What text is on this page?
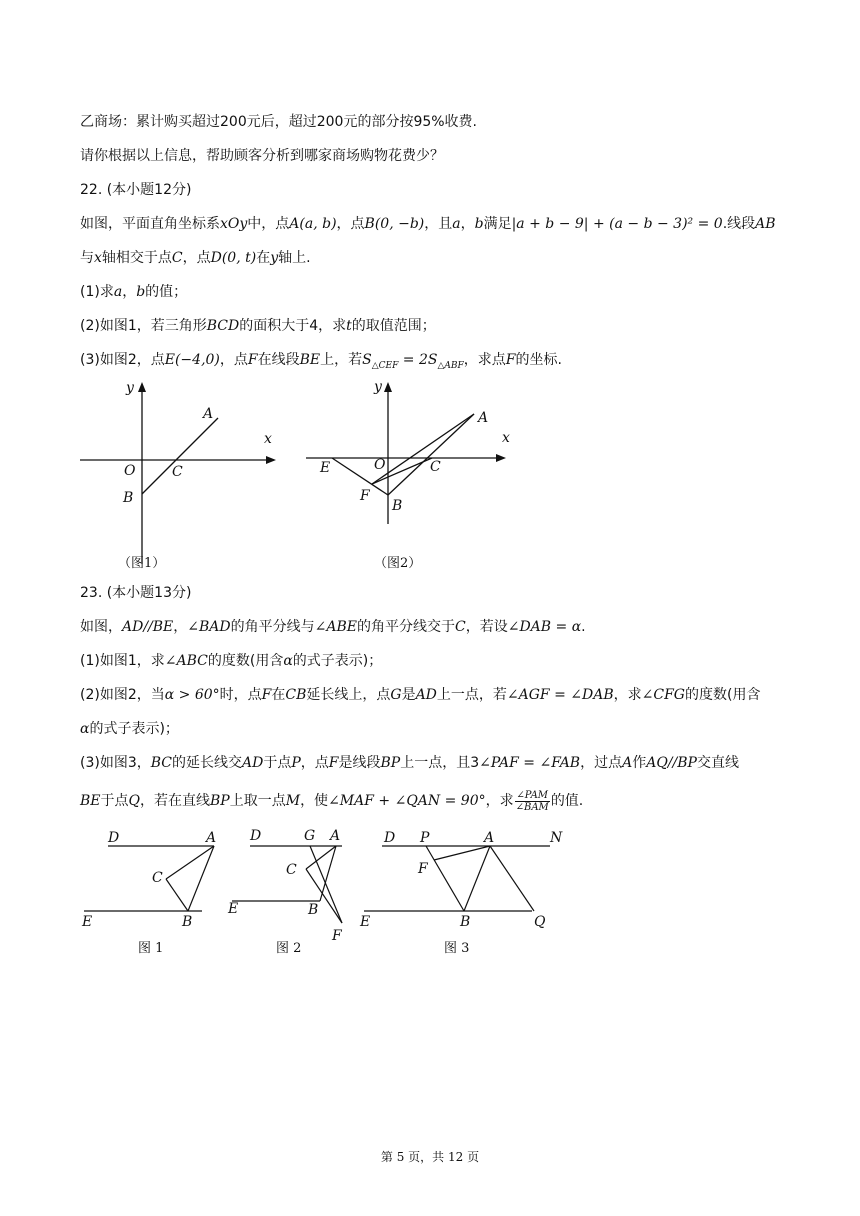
乙商场：累计购买超过200元后，超过200元的部分按95%收费.
请你根据以上信息，帮助顾客分析到哪家商场购物花费少？
22. (本小题12分)
如图，平面直角坐标系xOy中，点A(a, b)，点B(0, −b)，且a，b满足|a + b − 9| + (a − b − 3)² = 0.线段AB
与x轴相交于点C，点D(0, t)在y轴上.
(1)求a，b的值；
(2)如图1，若三角形BCD的面积大于4，求t的取值范围；
(3)如图2，点E(−4,0)，点F在线段BE上，若$S_{\triangle CEF} = 2S_{\triangle ABF}$，求点F的坐标.
y
x
O
A
B
C
（图1）
y
x
O
A
B
C
E
F
（图2）
23. (本小题13分)
如图，AD//BE，∠BAD的角平分线与∠ABE的角平分线交于C，若设∠DAB = α.
(1)如图1，求∠ABC的度数(用含α的式子表示)；
(2)如图2，当α > 60°时，点F在CB延长线上，点G是AD上一点，若∠AGF = ∠DAB，求∠CFG的度数(用含
α的式子表示)；
(3)如图3，BC的延长线交AD于点P，点F是线段BP上一点，且3∠PAF = ∠FAB，过点A作AQ//BP交直线
BE于点Q，若在直线BP上取一点M，使∠MAF + ∠QAN = 90°，求 $\frac{\text{∠PAM}}{\text{∠BAM}}$ 的值.
D	A
C
E	B
图 1
D	G A
C
E	B
F
图 2
D P	A	N
F
E	B	Q
图 3
第 5 页，共 12 页
